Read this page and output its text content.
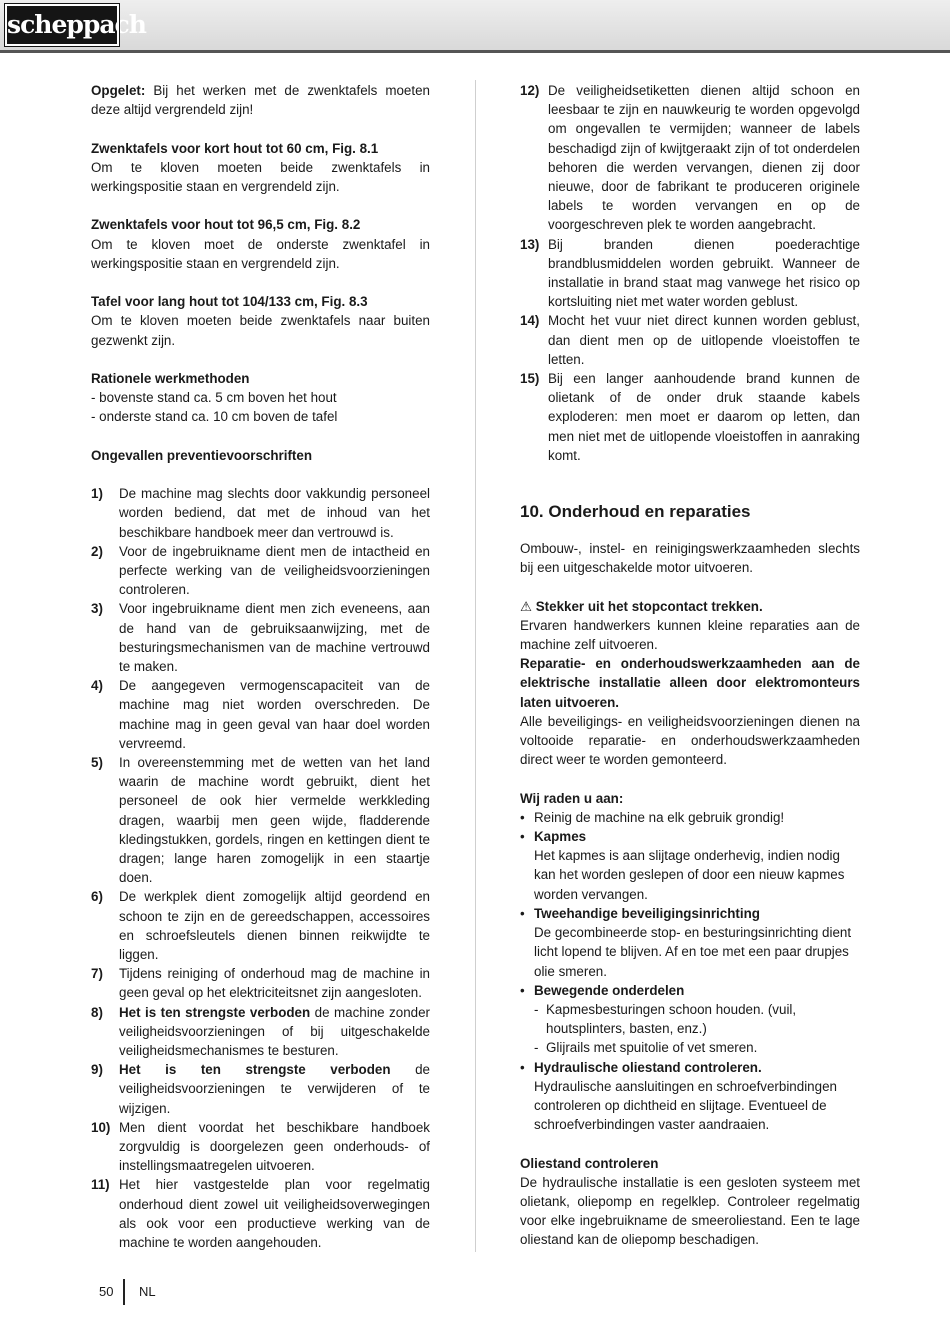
scheppach

Opgelet: Bij het werken met de zwenktafels moeten deze altijd vergrendeld zijn!

Zwenktafels voor kort hout tot 60 cm, Fig. 8.1

Om te kloven moeten beide zwenktafels in werkingspositie staan en vergrendeld zijn.

Zwenktafels voor hout tot 96,5 cm, Fig. 8.2

Om te kloven moet de onderste zwenktafel in werkingspositie staan en vergrendeld zijn.

Tafel voor lang hout tot 104/133 cm, Fig. 8.3

Om te kloven moeten beide zwenktafels naar buiten gezwenkt zijn.

Rationele werkmethoden

- bovenste stand ca. 5 cm boven het hout

- onderste stand ca. 10 cm boven de tafel

Ongevallen preventievoorschriften

1)	De machine mag slechts door vakkundig personeel worden bediend, dat met de inhoud van het beschikbare handboek meer dan vertrouwd is.
2)	Voor de ingebruikname dient men de intactheid en perfecte werking van de veiligheidsvoorzieningen controleren.
3)	Voor ingebruikname dient men zich eveneens, aan de hand van de gebruiksaanwijzing, met de besturingsmechanismen van de machine vertrouwd te maken.
4)	De aangegeven vermogenscapaciteit van de machine mag niet worden overschreden. De machine mag in geen geval van haar doel worden vervreemd.
5)	In overeenstemming met de wetten van het land waarin de machine wordt gebruikt, dient het personeel de ook hier vermelde werkkleding dragen, waarbij men geen wijde, fladderende kledingstukken, gordels, ringen en kettingen dient te dragen; lange haren zomogelijk in een staartje doen.
6)	De werkplek dient zomogelijk altijd geordend en schoon te zijn en de gereedschappen, accessoires en schroefsleutels dienen binnen reikwijdte te liggen.
7)	Tijdens reiniging of onderhoud mag de machine in geen geval op het elektriciteitsnet zijn aangesloten.
8)	Het is ten strengste verboden de machine zonder veiligheidsvoorzieningen of bij uitgeschakelde veiligheidsmechanismes te besturen.
9)	Het is ten strengste verboden de veiligheidsvoorzieningen te verwijderen of te wijzigen.
10) Men dient voordat het beschikbare handboek zorgvuldig is doorgelezen geen onderhouds- of instellingsmaatregelen uitvoeren.
11) Het hier vastgestelde plan voor regelmatig onderhoud dient zowel uit veiligheidsoverwegingen als ook voor een productieve werking van de machine te worden aangehouden.
12) De veiligheidsetiketten dienen altijd schoon en leesbaar te zijn en nauwkeurig te worden opgevolgd om ongevallen te vermijden; wanneer de labels beschadigd zijn of kwijtgeraakt zijn of tot onderdelen behoren die werden vervangen, dienen zij door nieuwe, door de fabrikant te produceren originele labels te worden vervangen en op de voorgeschreven plek te worden aangebracht.
13) Bij branden dienen poederachtige brandblusmiddelen worden gebruikt. Wanneer de installatie in brand staat mag vanwege het risico op kortsluiting niet met water worden geblust.
14) Mocht het vuur niet direct kunnen worden geblust, dan dient men op de uitlopende vloeistoffen te letten.
15) Bij een langer aanhoudende brand kunnen de olietank of de onder druk staande kabels exploderen: men moet er daarom op letten, dan men niet met de uitlopende vloeistoffen in aanraking komt.

10. Onderhoud en reparaties

Ombouw-, instel- en reinigingswerkzaamheden slechts bij een uitgeschakelde motor uitvoeren.

⚠ Stekker uit het stopcontact trekken.

Ervaren handwerkers kunnen kleine reparaties aan de machine zelf uitvoeren.

Reparatie- en onderhoudswerkzaamheden aan de elektrische installatie alleen door elektromonteurs laten uitvoeren.

Alle beveiligings- en veiligheidsvoorzieningen dienen na voltooide reparatie- en onderhoudswerkzaamheden direct weer te worden gemonteerd.

Wij raden u aan:

• Reinig de machine na elk gebruik grondig!
• Kapmes
Het kapmes is aan slijtage onderhevig, indien nodig kan het worden geslepen of door een nieuw kapmes worden vervangen.
• Tweehandige beveiligingsinrichting
De gecombineerde stop- en besturingsinrichting dient licht lopend te blijven. Af en toe met een paar drupjes olie smeren.
• Bewegende onderdelen
- Kapmesbesturingen schoon houden. (vuil, houtsplinters, basten, enz.)
- Glijrails met spuitolie of vet smeren.
• Hydraulische oliestand controleren.
Hydraulische aansluitingen en schroefverbindingen controleren op dichtheid en slijtage. Eventueel de schroefverbindingen vaster aandraaien.

Oliestand controleren

De hydraulische installatie is een gesloten systeem met olietank, oliepomp en regelklep. Controleer regelmatig voor elke ingebruikname de smeeroliestand. Een te lage oliestand kan de oliepomp beschadigen.

50 NL
